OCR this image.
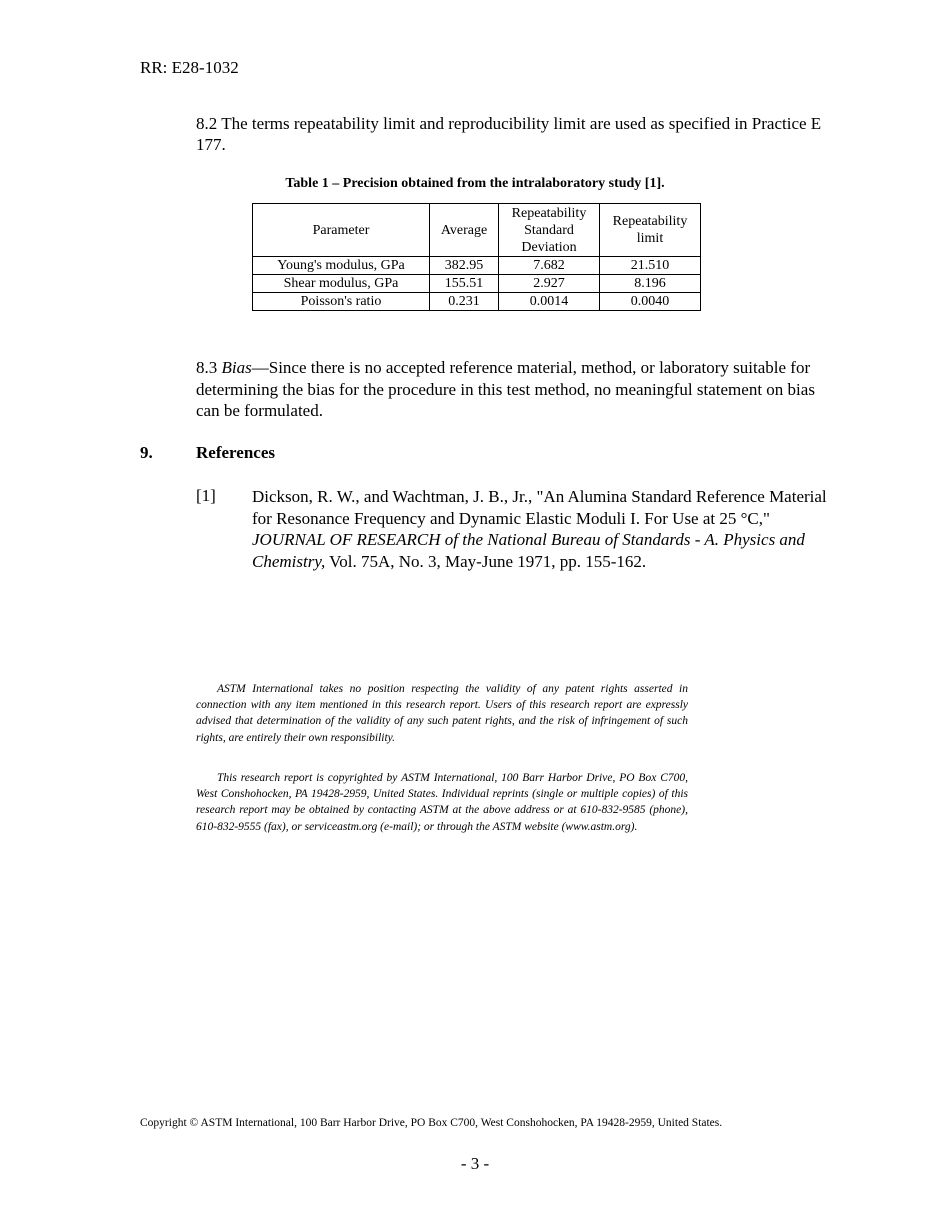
RR: E28-1032
8.2 The terms repeatability limit and reproducibility limit are used as specified in Practice E 177.
Table 1 – Precision obtained from the intralaboratory study [1].
Parameter	Average	Repeatability Standard Deviation	Repeatability limit
Young's modulus, GPa	382.95	7.682	21.510
Shear modulus, GPa	155.51	2.927	8.196
Poisson's ratio	0.231	0.0014	0.0040
8.3 Bias—Since there is no accepted reference material, method, or laboratory suitable for determining the bias for the procedure in this test method, no meaningful statement on bias can be formulated.
9.	References
[1] Dickson, R. W., and Wachtman, J. B., Jr., "An Alumina Standard Reference Material for Resonance Frequency and Dynamic Elastic Moduli I. For Use at 25 °C," JOURNAL OF RESEARCH of the National Bureau of Standards - A. Physics and Chemistry, Vol. 75A, No. 3, May-June 1971, pp. 155-162.
ASTM International takes no position respecting the validity of any patent rights asserted in connection with any item mentioned in this research report. Users of this research report are expressly advised that determination of the validity of any such patent rights, and the risk of infringement of such rights, are entirely their own responsibility.
This research report is copyrighted by ASTM International, 100 Barr Harbor Drive, PO Box C700, West Conshohocken, PA 19428-2959, United States. Individual reprints (single or multiple copies) of this research report may be obtained by contacting ASTM at the above address or at 610-832-9585 (phone), 610-832-9555 (fax), or serviceastm.org (e-mail); or through the ASTM website (www.astm.org).
Copyright © ASTM International, 100 Barr Harbor Drive, PO Box C700, West Conshohocken, PA 19428-2959, United States.
- 3 -
